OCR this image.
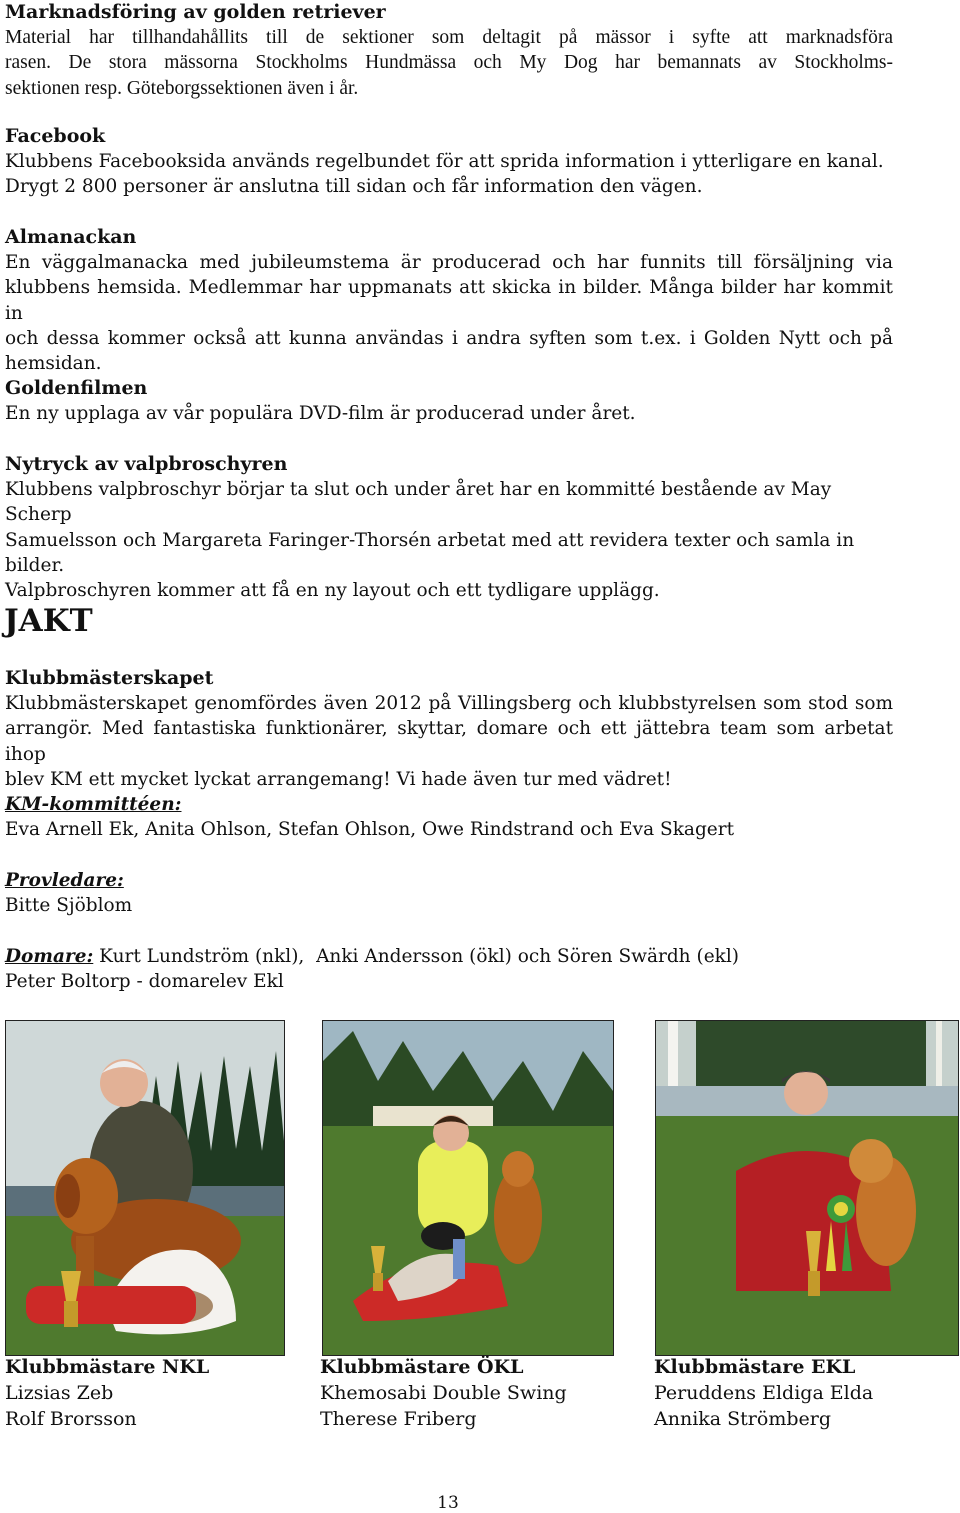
Marknadsföring av golden retriever
Material har tillhandahållits till de sektioner som deltagit på mässor i syfte att marknadsföra
rasen. De stora mässorna Stockholms Hundmässa och My Dog har bemannats av Stockholms-
sektionen resp. Göteborgssektionen även i år.
Facebook
Klubbens Facebooksida används regelbundet för att sprida information i ytterligare en kanal.
Drygt 2 800 personer är anslutna till sidan och får information den vägen.
Almanackan
En väggalmanacka med jubileumstema är producerad och har funnits till försäljning via
klubbens hemsida. Medlemmar har uppmanats att skicka in bilder. Många bilder har kommit in
och dessa kommer också att kunna användas i andra syften som t.ex. i Golden Nytt och på
hemsidan.
Goldenfilmen
En ny upplaga av vår populära DVD-film är producerad under året.
Nytryck av valpbroschyren
Klubbens valpbroschyr börjar ta slut och under året har en kommitté bestående av May Scherp
Samuelsson och Margareta Faringer-Thorsén arbetat med att revidera texter och samla in bilder.
Valpbroschyren kommer att få en ny layout och ett tydligare upplägg.
JAKT
Klubbmästerskapet
Klubbmästerskapet genomfördes även 2012 på Villingsberg och klubbstyrelsen som stod som
arrangör. Med fantastiska funktionärer, skyttar, domare och ett jättebra team som arbetat ihop
blev KM ett mycket lyckat arrangemang! Vi hade även tur med vädret!
KM-kommittéen:
Eva Arnell Ek, Anita Ohlson, Stefan Ohlson, Owe Rindstrand och Eva Skagert
Provledare:
Bitte Sjöblom
Domare: Kurt Lundström (nkl),  Anki Andersson (ökl) och Sören Swärdh (ekl)
Peter Boltorp - domarelev Ekl
Klubbmästare NKL
Lizsias Zeb
Rolf Brorsson
Klubbmästare ÖKL
Khemosabi Double Swing
Therese Friberg
Klubbmästare EKL
Peruddens Eldiga Elda
Annika Strömberg
13
